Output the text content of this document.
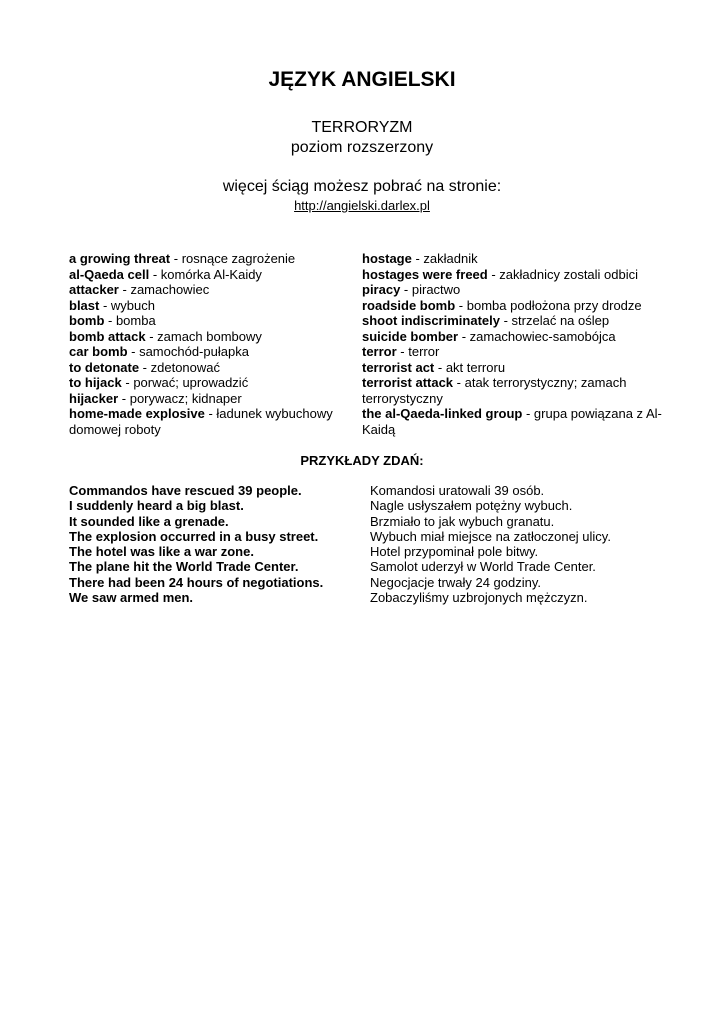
JĘZYK ANGIELSKI
TERRORYZM
poziom rozszerzony
więcej ściąg możesz pobrać na stronie:
http://angielski.darlex.pl

a growing threat - rosnące zagrożenie

al-Qaeda cell - komórka Al-Kaidy

attacker - zamachowiec

blast - wybuch

bomb - bomba

bomb attack - zamach bombowy

car bomb - samochód-pułapka

to detonate - zdetonować

to hijack - porwać; uprowadzić

hijacker - porywacz; kidnaper

home-made explosive - ładunek wybuchowy domowej roboty

hostage - zakładnik

hostages were freed - zakładnicy zostali odbici

piracy - piractwo

roadside bomb - bomba podłożona przy drodze

shoot indiscriminately - strzelać na oślep

suicide bomber - zamachowiec-samobójca

terror - terror

terrorist act - akt terroru

terrorist attack - atak terrorystyczny; zamach terrorystyczny

the al-Qaeda-linked group - grupa powiązana z Al-Kaidą

PRZYKŁADY ZDAŃ:
Commandos have rescued 39 people.	Komandosi uratowali 39 osób.
I suddenly heard a big blast.	Nagle usłyszałem potężny wybuch.
It sounded like a grenade.	Brzmiało to jak wybuch granatu.
The explosion occurred in a busy street.	Wybuch miał miejsce na zatłoczonej ulicy.
The hotel was like a war zone.	Hotel przypominał pole bitwy.
The plane hit the World Trade Center.	Samolot uderzył w World Trade Center.
There had been 24 hours of negotiations.	Negocjacje trwały 24 godziny.
We saw armed men.	Zobaczyliśmy uzbrojonych mężczyzn.
